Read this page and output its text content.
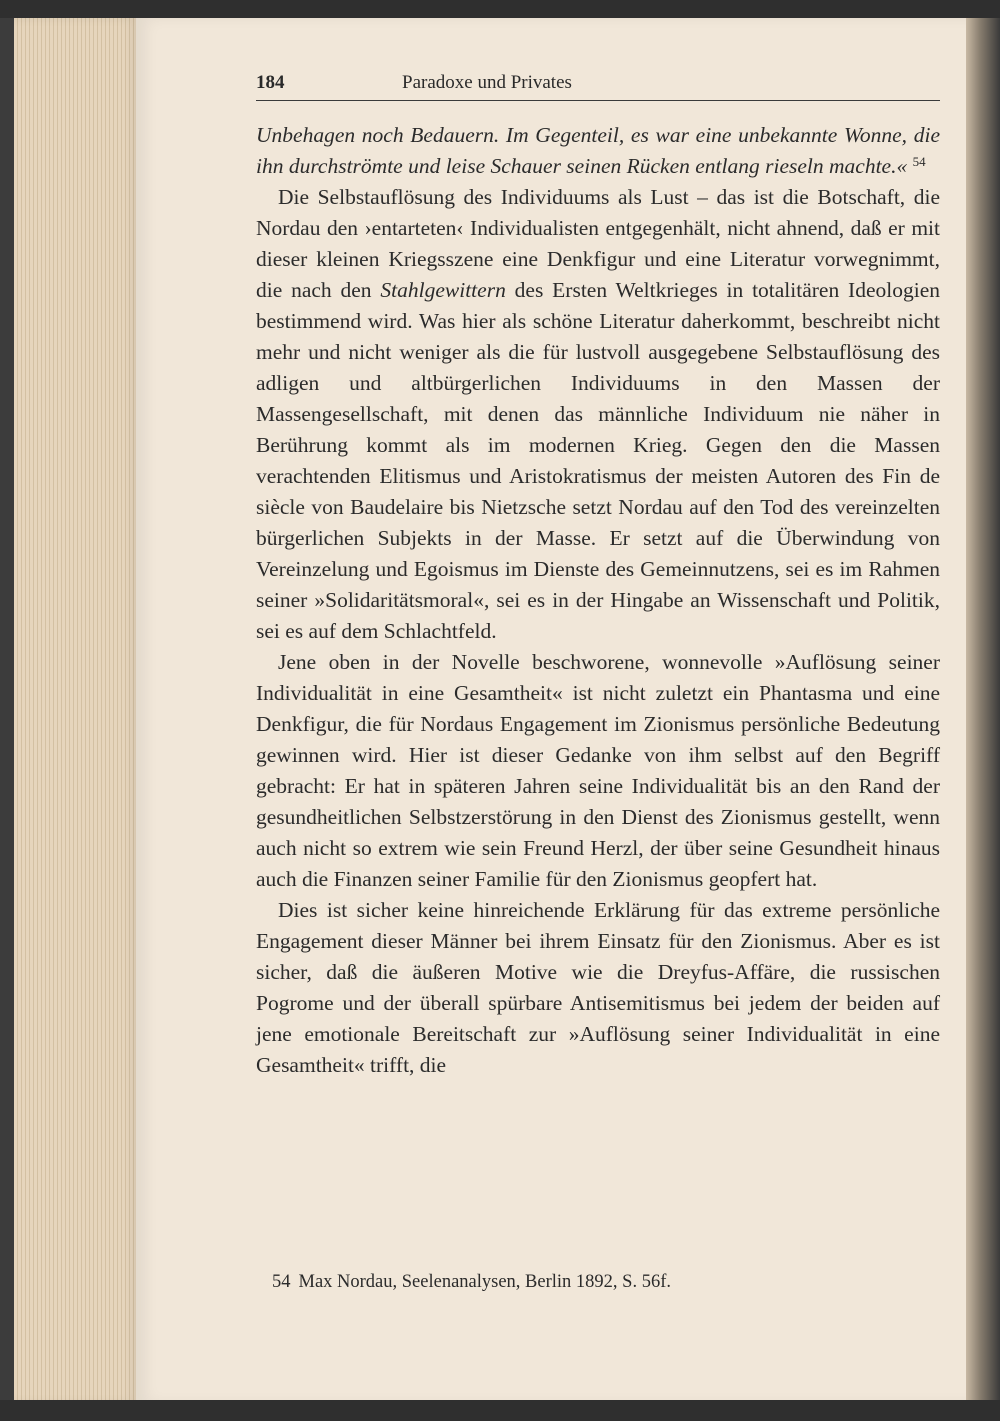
184	Paradoxe und Privates

Unbehagen noch Bedauern. Im Gegenteil, es war eine unbekannte Wonne, die ihn durchströmte und leise Schauer seinen Rücken entlang rieseln machte.« $^{54}$

Die Selbstauflösung des Individuums als Lust – das ist die Botschaft, die Nordau den ›entarteten‹ Individualisten entgegenhält, nicht ahnend, daß er mit dieser kleinen Kriegsszene eine Denkfigur und eine Literatur vorwegnimmt, die nach den Stahlgewittern des Ersten Weltkrieges in totalitären Ideologien bestimmend wird. Was hier als schöne Literatur daherkommt, beschreibt nicht mehr und nicht weniger als die für lustvoll ausgegebene Selbstauflösung des adligen und altbürgerlichen Individuums in den Massen der Massengesellschaft, mit denen das männliche Individuum nie näher in Berührung kommt als im modernen Krieg. Gegen den die Massen verachtenden Elitismus und Aristokratismus der meisten Autoren des Fin de siècle von Baudelaire bis Nietzsche setzt Nordau auf den Tod des vereinzelten bürgerlichen Subjekts in der Masse. Er setzt auf die Überwindung von Vereinzelung und Egoismus im Dienste des Gemeinnutzens, sei es im Rahmen seiner »Solidaritätsmoral«, sei es in der Hingabe an Wissenschaft und Politik, sei es auf dem Schlachtfeld.

Jene oben in der Novelle beschworene, wonnevolle »Auflösung seiner Individualität in eine Gesamtheit« ist nicht zuletzt ein Phantasma und eine Denkfigur, die für Nordaus Engagement im Zionismus persönliche Bedeutung gewinnen wird. Hier ist dieser Gedanke von ihm selbst auf den Begriff gebracht: Er hat in späteren Jahren seine Individualität bis an den Rand der gesundheitlichen Selbstzerstörung in den Dienst des Zionismus gestellt, wenn auch nicht so extrem wie sein Freund Herzl, der über seine Gesundheit hinaus auch die Finanzen seiner Familie für den Zionismus geopfert hat.

Dies ist sicher keine hinreichende Erklärung für das extreme persönliche Engagement dieser Männer bei ihrem Einsatz für den Zionismus. Aber es ist sicher, daß die äußeren Motive wie die Dreyfus-Affäre, die russischen Pogrome und der überall spürbare Antisemitismus bei jedem der beiden auf jene emotionale Bereitschaft zur »Auflösung seiner Individualität in eine Gesamtheit« trifft, die

54 Max Nordau, Seelenanalysen, Berlin 1892, S. 56f.
